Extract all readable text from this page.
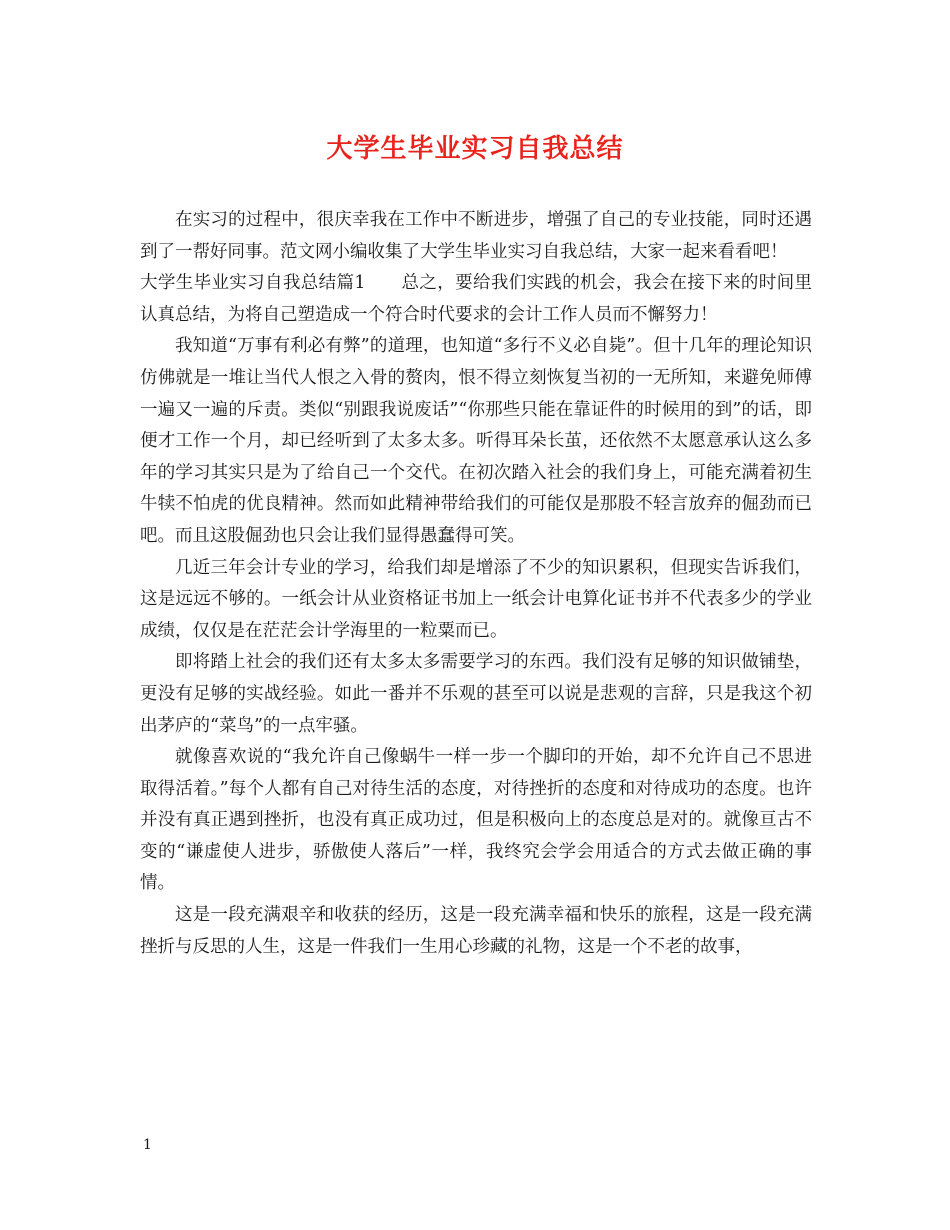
大学生毕业实习自我总结

在实习的过程中，很庆幸我在工作中不断进步，增强了自己的专业技能，同时还遇到了一帮好同事。范文网小编收集了大学生毕业实习自我总结，大家一起来看看吧！

大学生毕业实习自我总结篇1　　总之，要给我们实践的机会，我会在接下来的时间里认真总结，为将自己塑造成一个符合时代要求的会计工作人员而不懈努力！

我知道“万事有利必有弊”的道理，也知道“多行不义必自毙”。但十几年的理论知识仿佛就是一堆让当代人恨之入骨的赘肉，恨不得立刻恢复当初的一无所知，来避免师傅一遍又一遍的斥责。类似“别跟我说废话”“你那些只能在靠证件的时候用的到”的话，即便才工作一个月，却已经听到了太多太多。听得耳朵长茧，还依然不太愿意承认这么多年的学习其实只是为了给自己一个交代。在初次踏入社会的我们身上，可能充满着初生牛犊不怕虎的优良精神。然而如此精神带给我们的可能仅是那股不轻言放弃的倔劲而已吧。而且这股倔劲也只会让我们显得愚蠢得可笑。

几近三年会计专业的学习，给我们却是增添了不少的知识累积，但现实告诉我们，这是远远不够的。一纸会计从业资格证书加上一纸会计电算化证书并不代表多少的学业成绩，仅仅是在茫茫会计学海里的一粒粟而已。

即将踏上社会的我们还有太多太多需要学习的东西。我们没有足够的知识做铺垫，更没有足够的实战经验。如此一番并不乐观的甚至可以说是悲观的言辞，只是我这个初出茅庐的“菜鸟”的一点牢骚。

就像喜欢说的“我允许自己像蜗牛一样一步一个脚印的开始，却不允许自己不思进取得活着。”每个人都有自己对待生活的态度，对待挫折的态度和对待成功的态度。也许并没有真正遇到挫折，也没有真正成功过，但是积极向上的态度总是对的。就像亘古不变的“谦虚使人进步，骄傲使人落后”一样，我终究会学会用适合的方式去做正确的事情。

这是一段充满艰辛和收获的经历，这是一段充满幸福和快乐的旅程，这是一段充满挫折与反思的人生，这是一件我们一生用心珍藏的礼物，这是一个不老的故事，

1
